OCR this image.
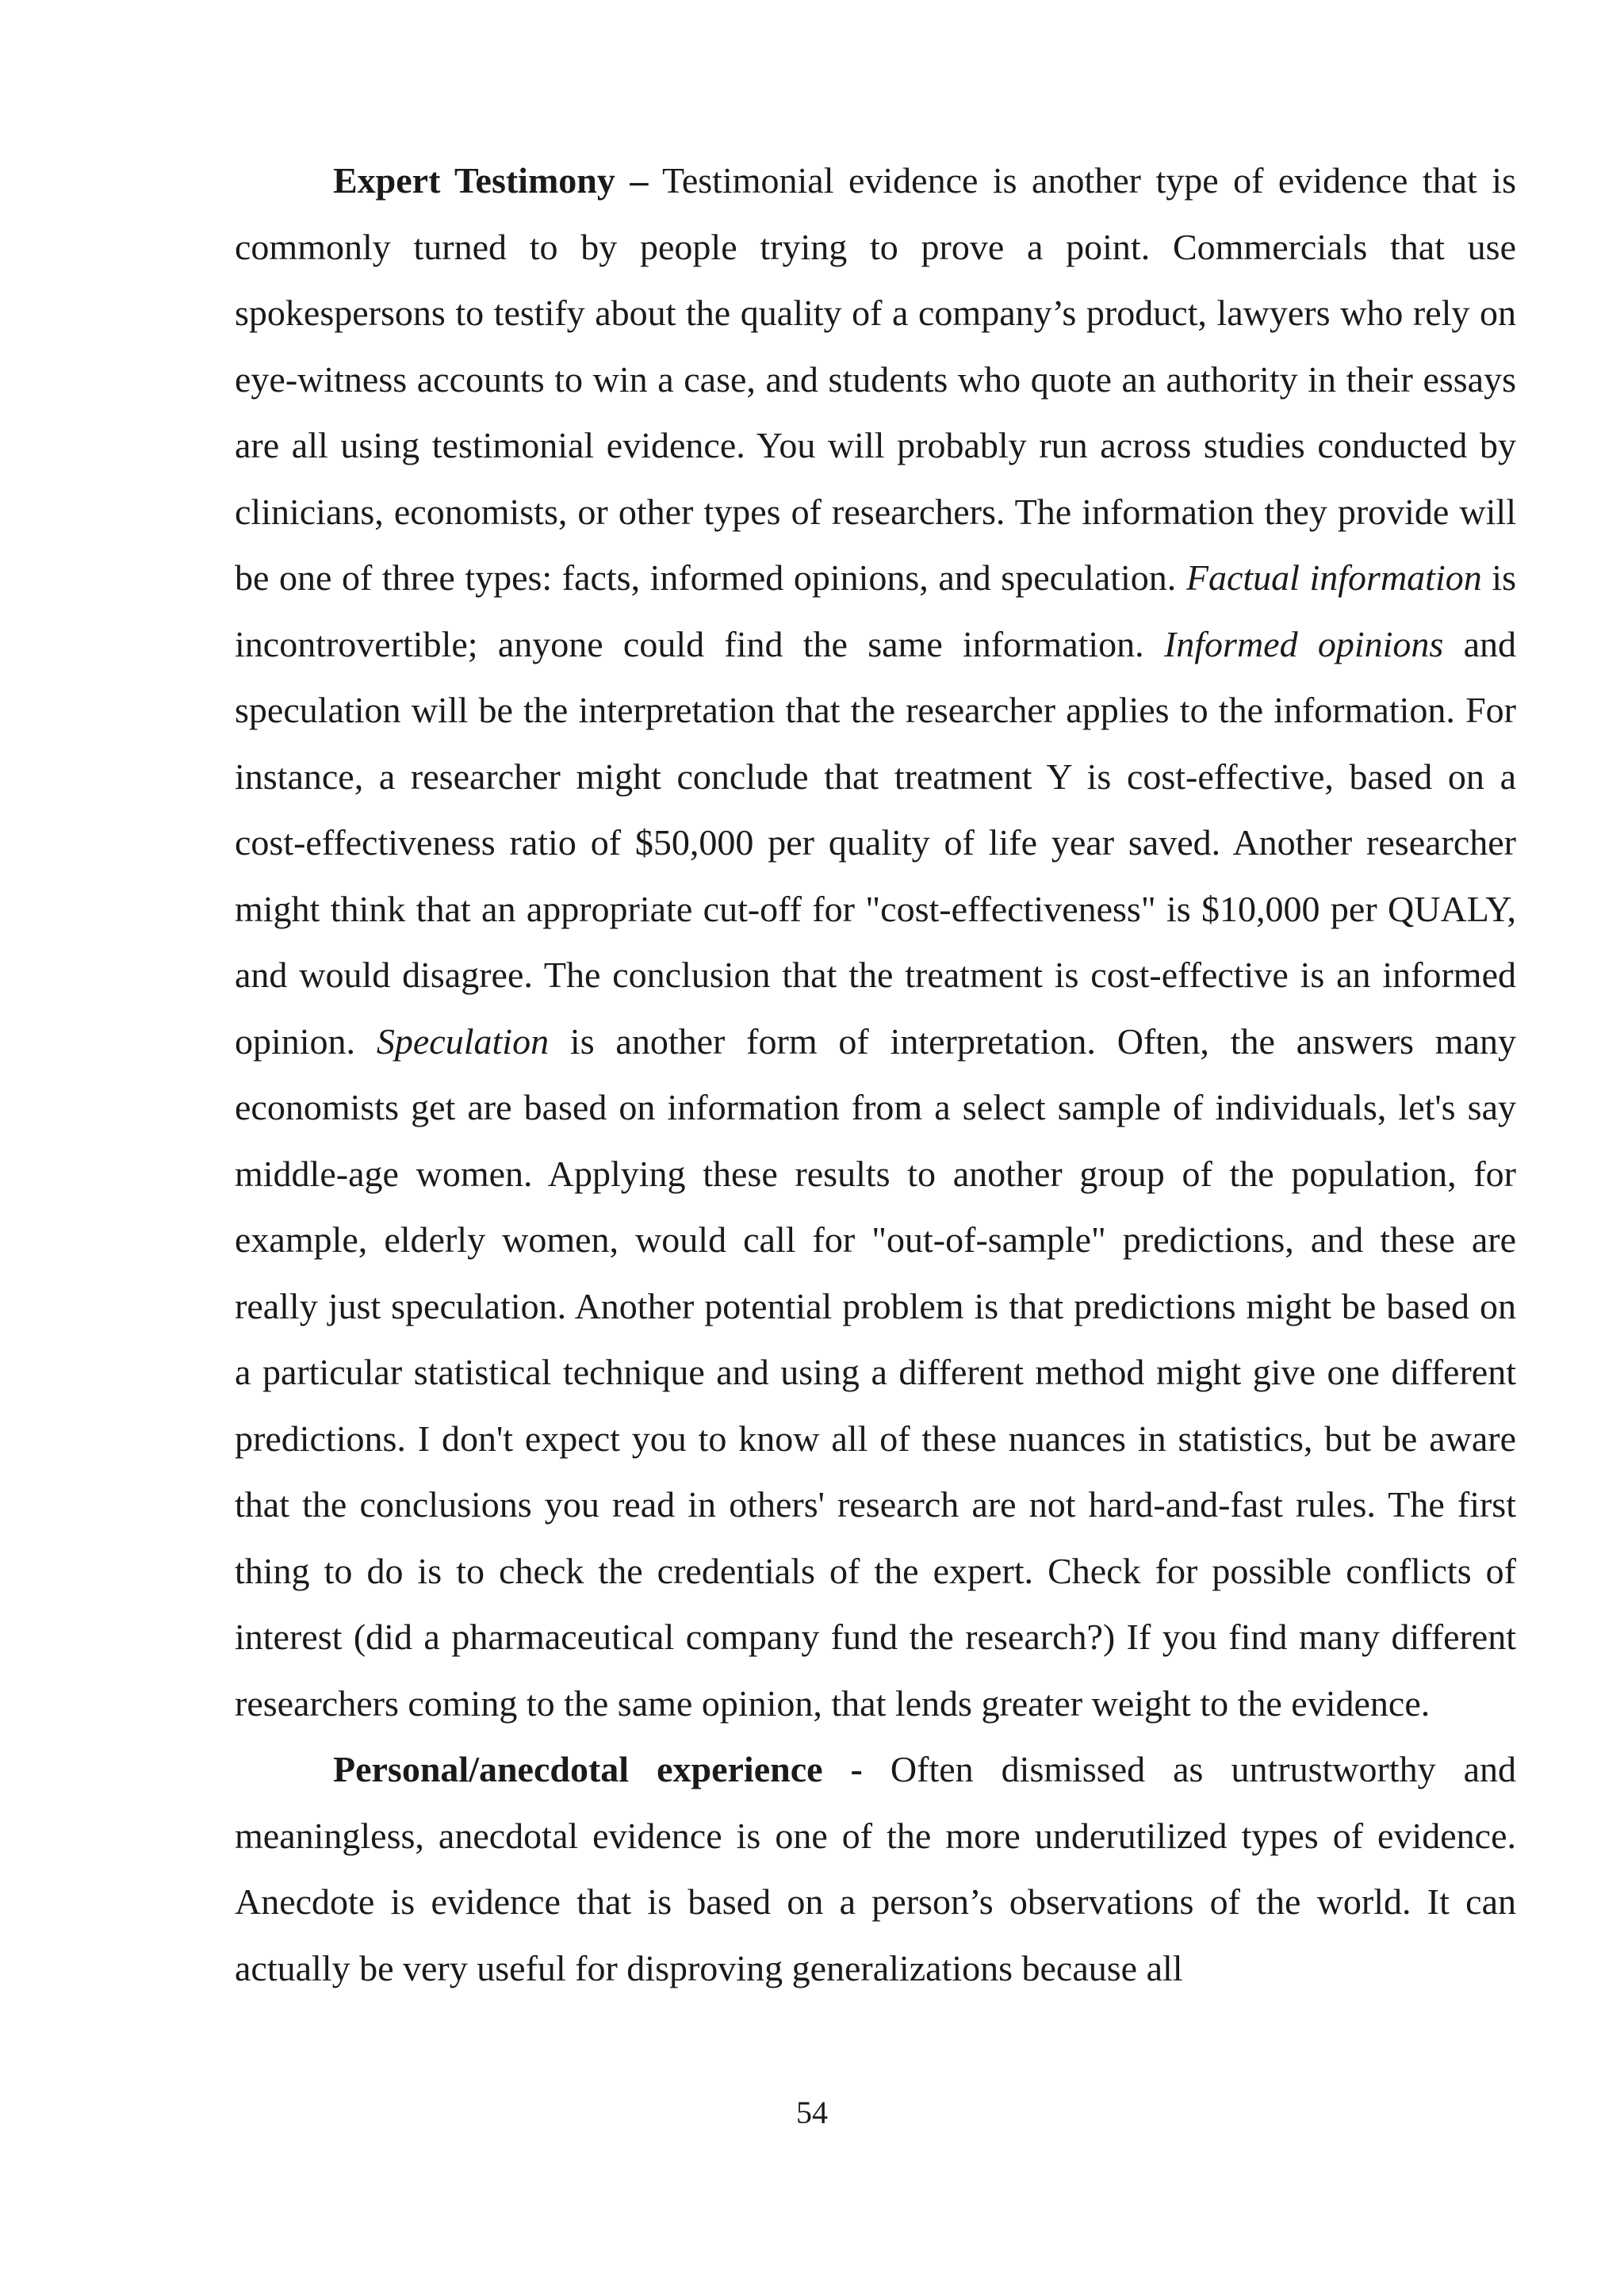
Expert Testimony – Testimonial evidence is another type of evidence that is commonly turned to by people trying to prove a point. Commercials that use spokespersons to testify about the quality of a company’s product, lawyers who rely on eye-witness accounts to win a case, and students who quote an authority in their essays are all using testimonial evidence. You will probably run across studies conducted by clinicians, economists, or other types of researchers. The information they provide will be one of three types: facts, informed opinions, and speculation. Factual information is incontrovertible; anyone could find the same information. Informed opinions and speculation will be the interpretation that the researcher applies to the information. For instance, a researcher might conclude that treatment Y is cost-effective, based on a cost-effectiveness ratio of $50,000 per quality of life year saved. Another researcher might think that an appropriate cut-off for "cost-effectiveness" is $10,000 per QUALY, and would disagree. The conclusion that the treatment is cost-effective is an informed opinion. Speculation is another form of interpretation. Often, the answers many economists get are based on information from a select sample of individuals, let's say middle-age women. Applying these results to another group of the population, for example, elderly women, would call for "out-of-sample" predictions, and these are really just speculation. Another potential problem is that predictions might be based on a particular statistical technique and using a different method might give one different predictions. I don't expect you to know all of these nuances in statistics, but be aware that the conclusions you read in others' research are not hard-and-fast rules. The first thing to do is to check the credentials of the expert. Check for possible conflicts of interest (did a pharmaceutical company fund the research?) If you find many different researchers coming to the same opinion, that lends greater weight to the evidence.

Personal/anecdotal experience - Often dismissed as untrustworthy and meaningless, anecdotal evidence is one of the more underutilized types of evidence. Anecdote is evidence that is based on a person’s observations of the world. It can actually be very useful for disproving generalizations because all

54
